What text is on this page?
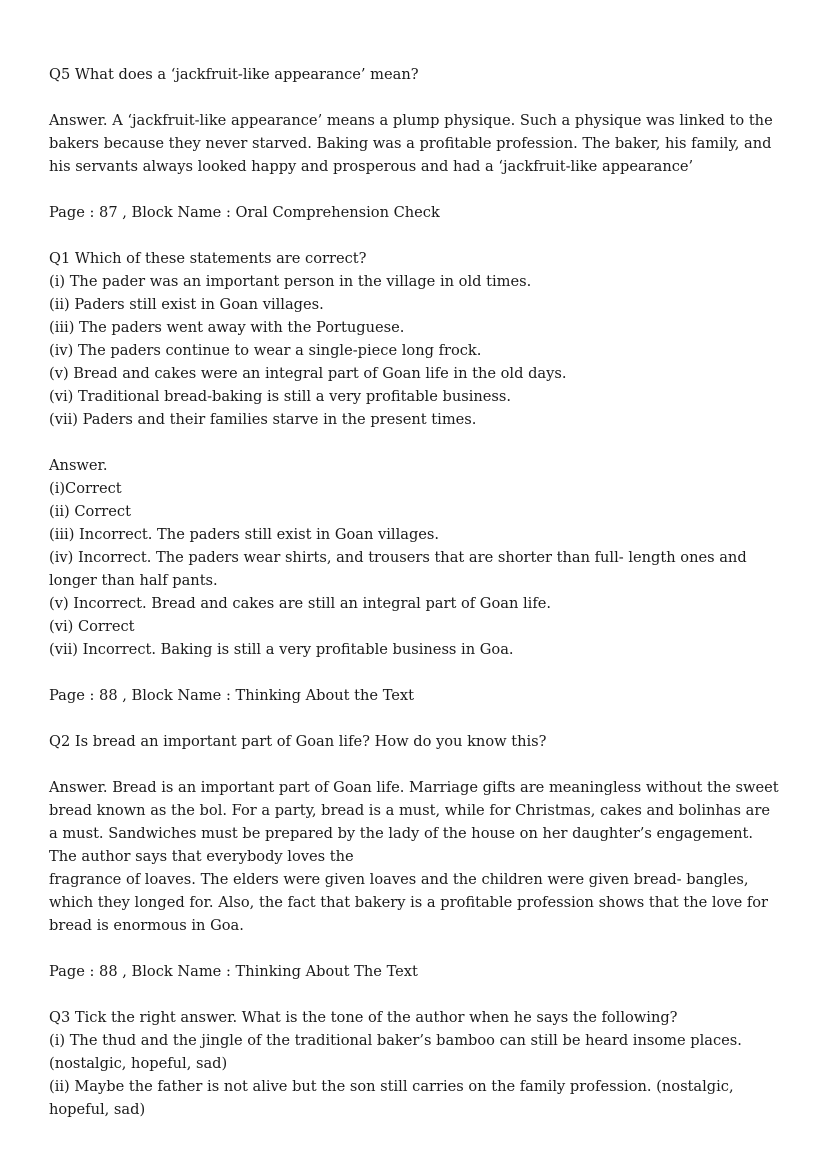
Q5 What does a ‘jackfruit-like appearance’ mean?

Answer. A ‘jackfruit-like appearance’ means a plump physique. Such a physique was linked to the bakers because they never starved. Baking was a profitable profession. The baker, his family, and his servants always looked happy and prosperous and had a ‘jackfruit-like appearance’

Page : 87 , Block Name : Oral Comprehension Check

Q1 Which of these statements are correct?
(i) The pader was an important person in the village in old times.
(ii) Paders still exist in Goan villages.
(iii) The paders went away with the Portuguese.
(iv) The paders continue to wear a single-piece long frock.
(v) Bread and cakes were an integral part of Goan life in the old days.
(vi) Traditional bread-baking is still a very profitable business.
(vii) Paders and their families starve in the present times.
Answer.
(i)Correct
(ii) Correct
(iii) Incorrect. The paders still exist in Goan villages.
(iv) Incorrect. The paders wear shirts, and trousers that are shorter than full- length ones and longer than half pants.
(v) Incorrect. Bread and cakes are still an integral part of Goan life.
(vi) Correct
(vii) Incorrect. Baking is still a very profitable business in Goa.

Page : 88 , Block Name : Thinking About the Text

Q2 Is bread an important part of Goan life? How do you know this?

Answer. Bread is an important part of Goan life. Marriage gifts are meaningless without the sweet bread known as the bol. For a party, bread is a must, while for Christmas, cakes and bolinhas are a must. Sandwiches must be prepared by the lady of the house on her daughter’s engagement. The author says that everybody loves the
fragrance of loaves. The elders were given loaves and the children were given bread- bangles, which they longed for. Also, the fact that bakery is a profitable profession shows that the love for bread is enormous in Goa.

Page : 88 , Block Name : Thinking About The Text

Q3 Tick the right answer. What is the tone of the author when he says the following?
(i) The thud and the jingle of the traditional baker’s bamboo can still be heard insome places. (nostalgic, hopeful, sad)
(ii) Maybe the father is not alive but the son still carries on the family profession. (nostalgic, hopeful, sad)
